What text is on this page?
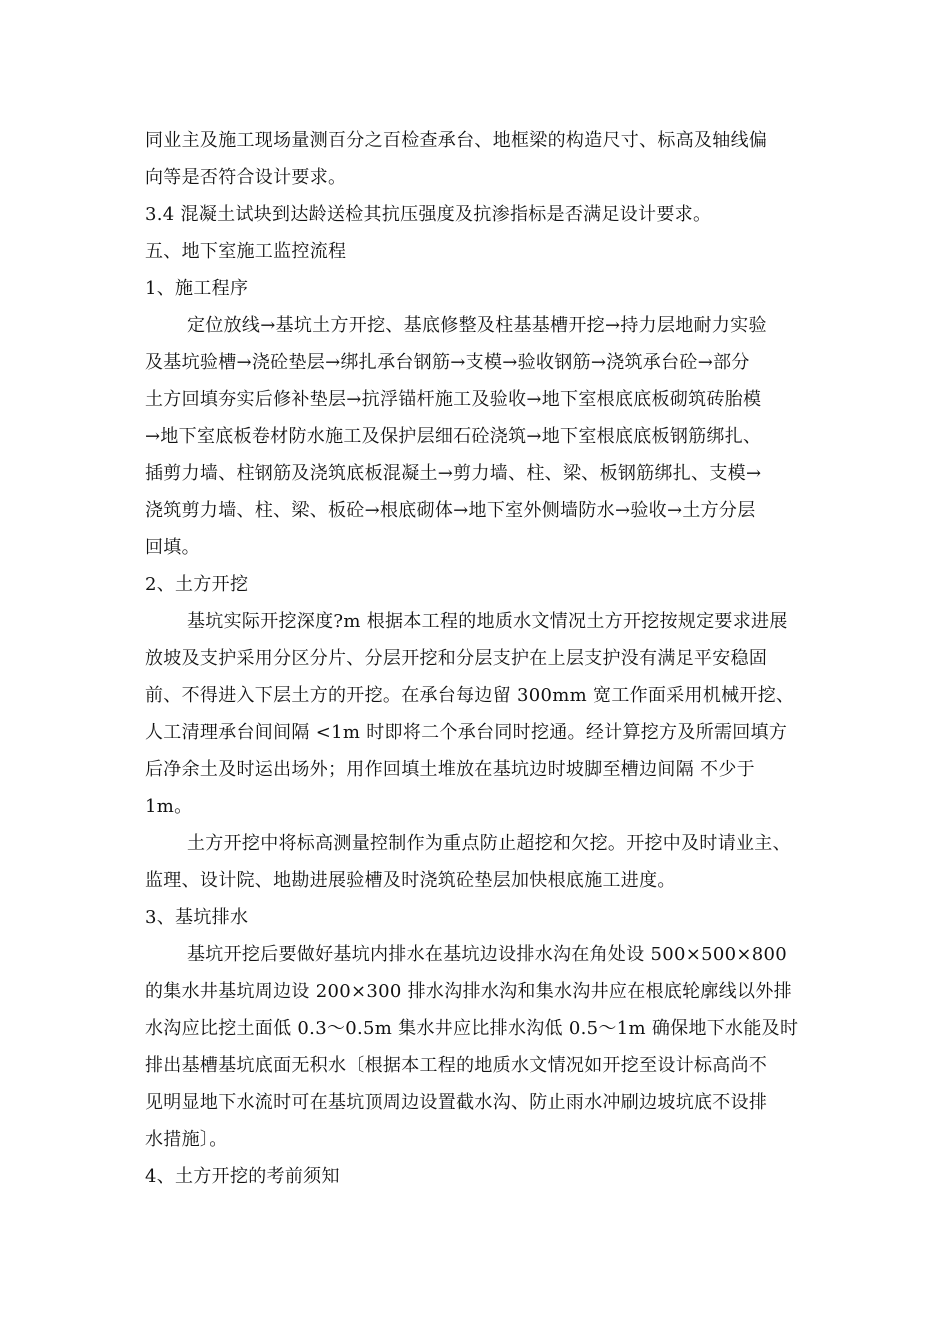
同业主及施工现场量测百分之百检查承台、地框梁的构造尺寸、标高及轴线偏
向等是否符合设计要求。
3.4 混凝土试块到达龄送检其抗压强度及抗渗指标是否满足设计要求。
五、地下室施工监控流程
1、施工程序
定位放线→基坑土方开挖、基底修整及柱基基槽开挖→持力层地耐力实验
及基坑验槽→浇砼垫层→绑扎承台钢筋→支模→验收钢筋→浇筑承台砼→部分
土方回填夯实后修补垫层→抗浮锚杆施工及验收→地下室根底底板砌筑砖胎模
→地下室底板卷材防水施工及保护层细石砼浇筑→地下室根底底板钢筋绑扎、
插剪力墙、柱钢筋及浇筑底板混凝土→剪力墙、柱、梁、板钢筋绑扎、支模→
浇筑剪力墙、柱、梁、板砼→根底砌体→地下室外侧墙防水→验收→土方分层
回填。
2、土方开挖
基坑实际开挖深度?m 根据本工程的地质水文情况土方开挖按规定要求进展
放坡及支护采用分区分片、分层开挖和分层支护在上层支护没有满足平安稳固
前、不得进入下层土方的开挖。在承台每边留 300mm 宽工作面采用机械开挖、
人工清理承台间间隔 <1m 时即将二个承台同时挖通。经计算挖方及所需回填方
后净余土及时运出场外；用作回填土堆放在基坑边时坡脚至槽边间隔 不少于
1m。
土方开挖中将标高测量控制作为重点防止超挖和欠挖。开挖中及时请业主、
监理、设计院、地勘进展验槽及时浇筑砼垫层加快根底施工进度。
3、基坑排水
基坑开挖后要做好基坑内排水在基坑边设排水沟在角处设 500×500×800
的集水井基坑周边设 200×300 排水沟排水沟和集水沟井应在根底轮廓线以外排
水沟应比挖土面低 0.3～0.5m 集水井应比排水沟低 0.5～1m 确保地下水能及时
排出基槽基坑底面无积水〔根据本工程的地质水文情况如开挖至设计标高尚不
见明显地下水流时可在基坑顶周边设置截水沟、防止雨水冲刷边坡坑底不设排
水措施〕。
4、土方开挖的考前须知
